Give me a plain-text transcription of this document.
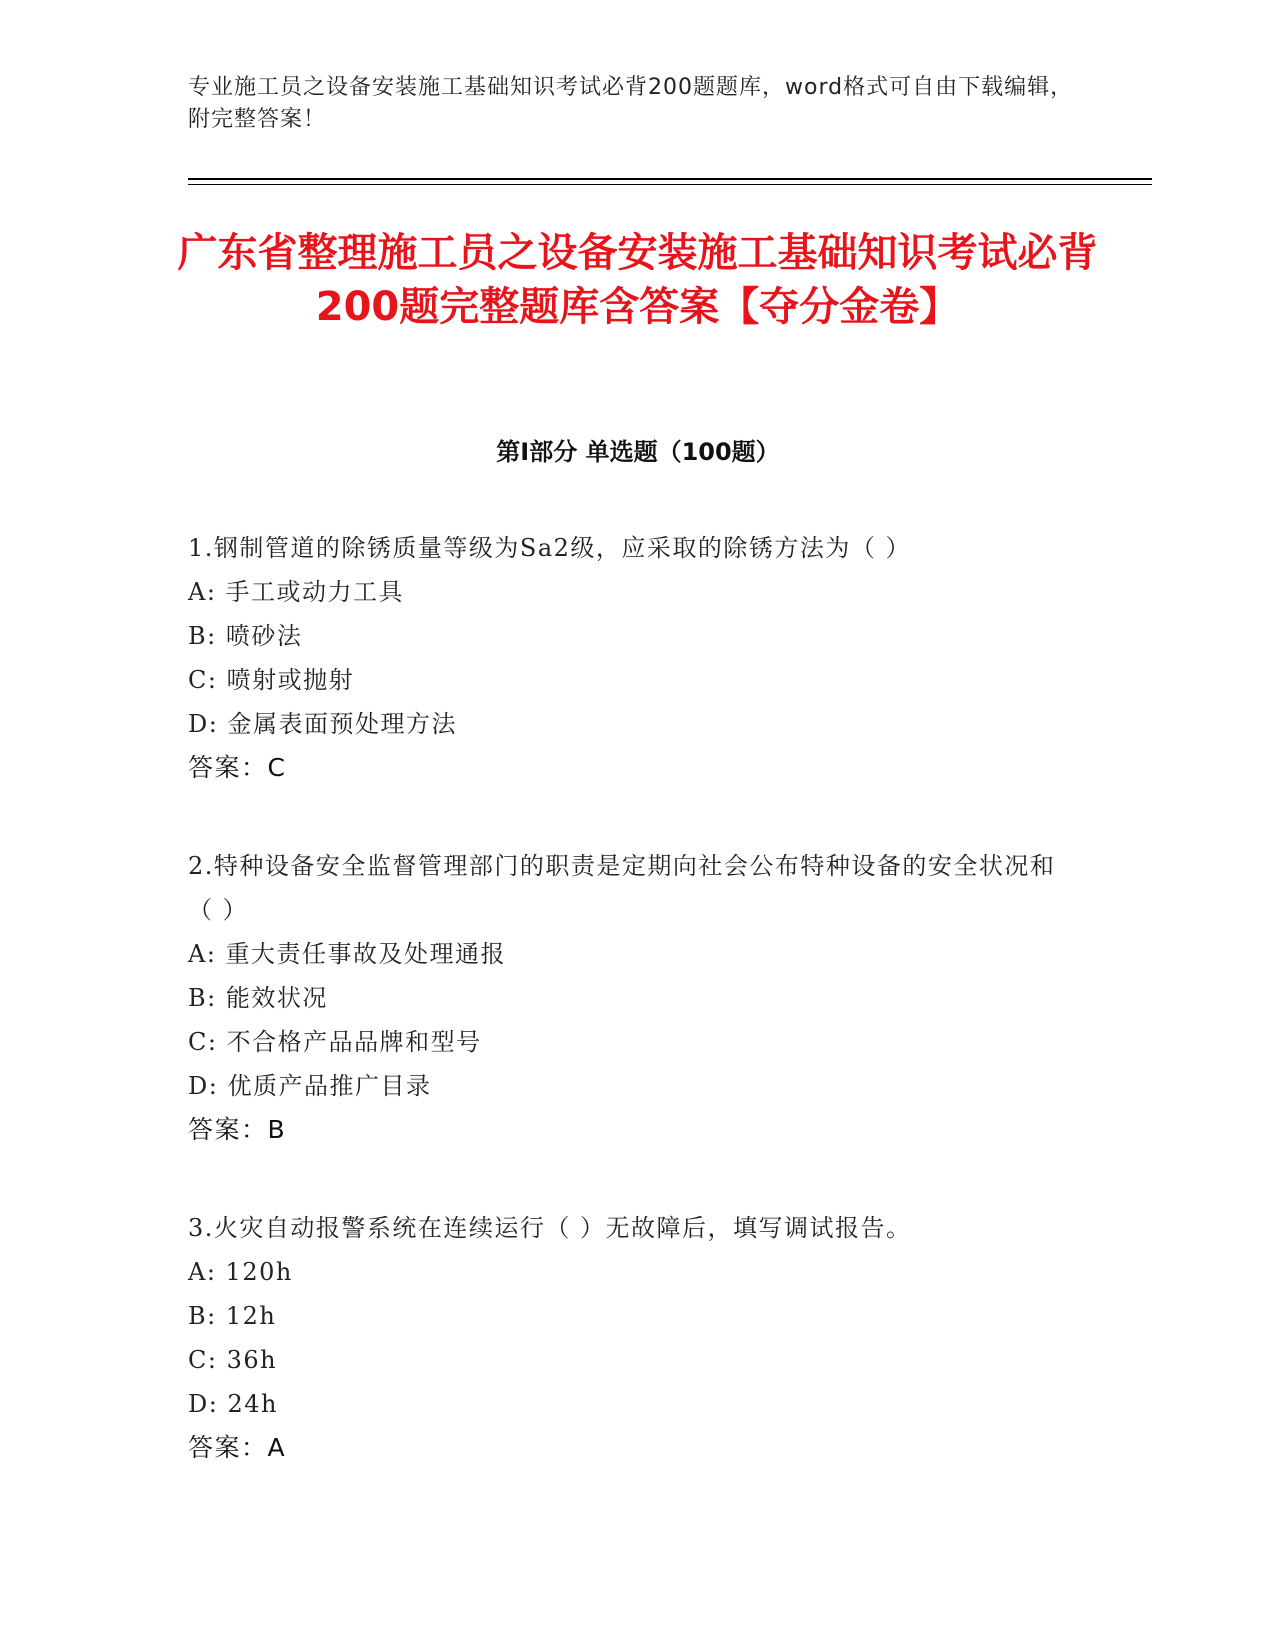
专业施工员之设备安装施工基础知识考试必背200题题库，word格式可自由下载编辑，附完整答案！
广东省整理施工员之设备安装施工基础知识考试必背200题完整题库含答案【夺分金卷】
第I部分 单选题（100题）
1.钢制管道的除锈质量等级为Sa2级，应采取的除锈方法为（ ）
A: 手工或动力工具
B: 喷砂法
C: 喷射或抛射
D: 金属表面预处理方法
答案：C
2.特种设备安全监督管理部门的职责是定期向社会公布特种设备的安全状况和（ ）
A: 重大责任事故及处理通报
B: 能效状况
C: 不合格产品品牌和型号
D: 优质产品推广目录
答案：B
3.火灾自动报警系统在连续运行（ ）无故障后，填写调试报告。
A: 120h
B: 12h
C: 36h
D: 24h
答案：A
